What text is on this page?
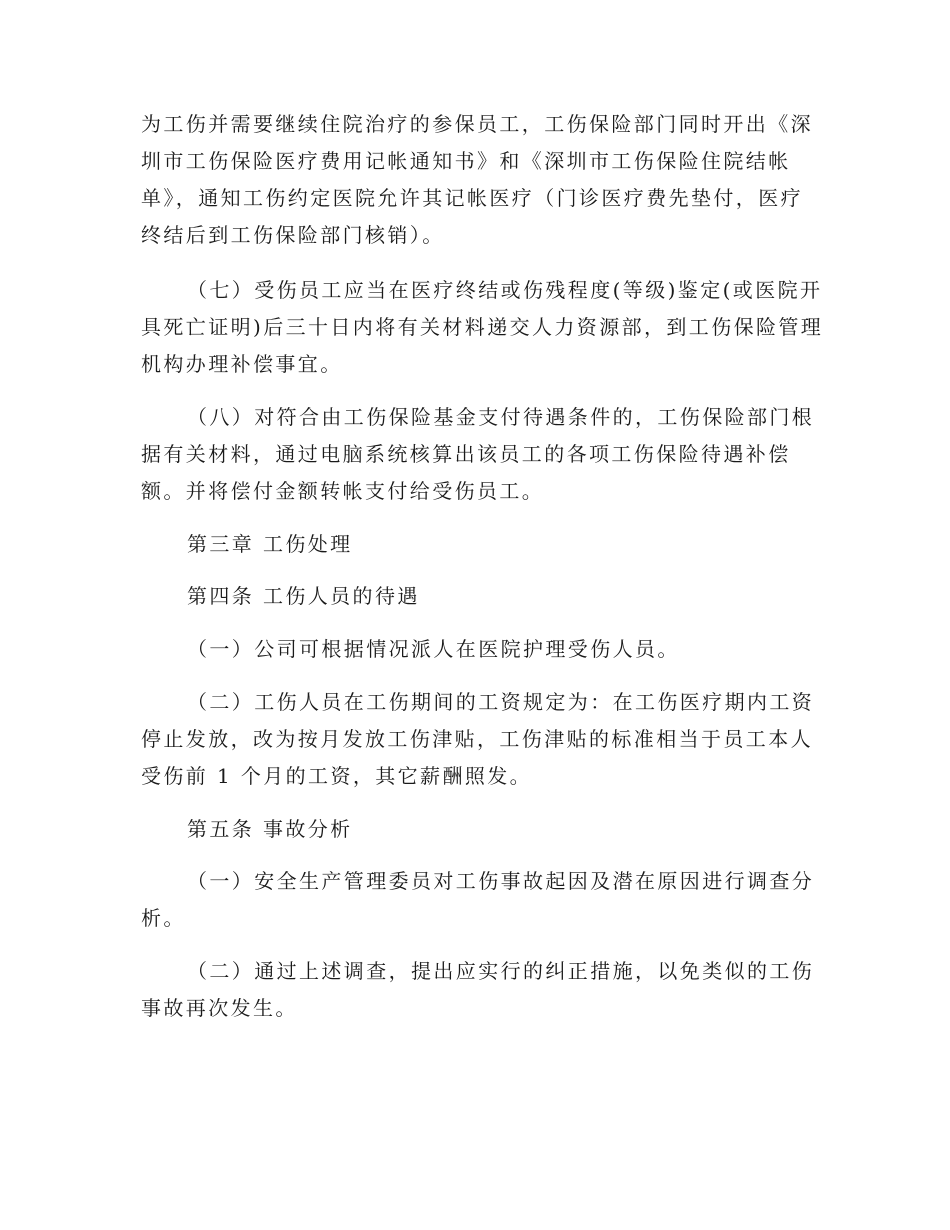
为工伤并需要继续住院治疗的参保员工，工伤保险部门同时开出《深
圳市工伤保险医疗费用记帐通知书》和《深圳市工伤保险住院结帐
单》，通知工伤约定医院允许其记帐医疗（门诊医疗费先垫付，医疗
终结后到工伤保险部门核销）。
（七）受伤员工应当在医疗终结或伤残程度(等级)鉴定(或医院开
具死亡证明)后三十日内将有关材料递交人力资源部，到工伤保险管理
机构办理补偿事宜。
（八）对符合由工伤保险基金支付待遇条件的，工伤保险部门根
据有关材料，通过电脑系统核算出该员工的各项工伤保险待遇补偿
额。并将偿付金额转帐支付给受伤员工。
第三章 工伤处理
第四条 工伤人员的待遇
（一）公司可根据情况派人在医院护理受伤人员。
（二）工伤人员在工伤期间的工资规定为：在工伤医疗期内工资
停止发放，改为按月发放工伤津贴，工伤津贴的标准相当于员工本人
受伤前 1 个月的工资，其它薪酬照发。
第五条 事故分析
（一）安全生产管理委员对工伤事故起因及潜在原因进行调查分
析。
（二）通过上述调查，提出应实行的纠正措施，以免类似的工伤
事故再次发生。
